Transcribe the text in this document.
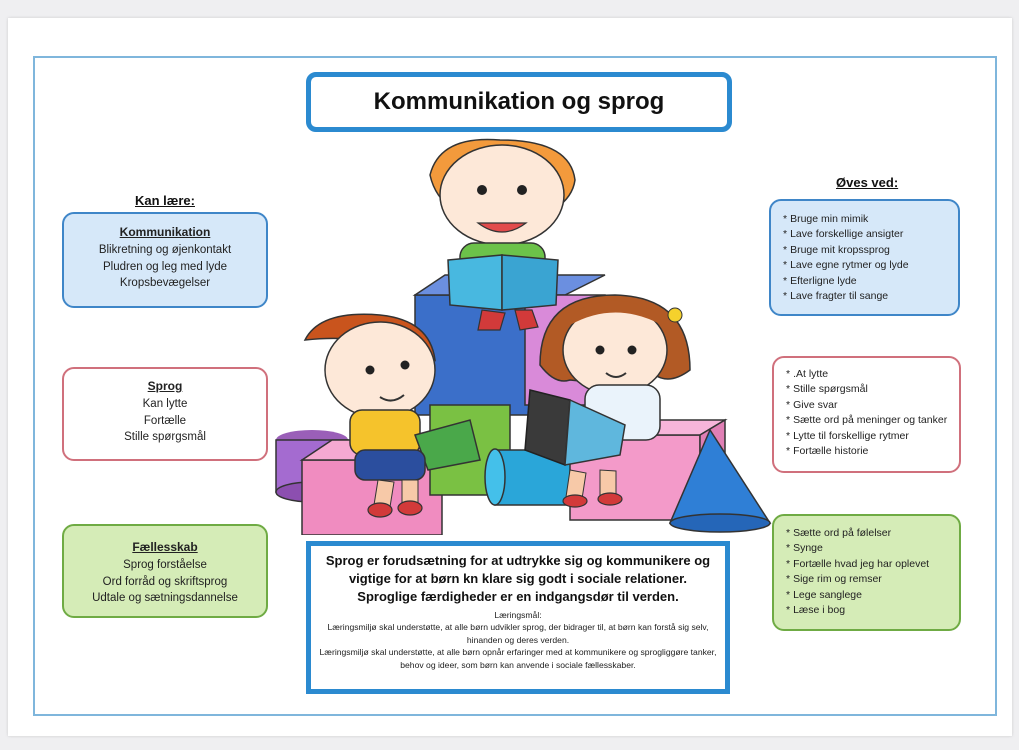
Kommunikation og sprog
Kan lære:
Øves ved:
Kommunikation
Blikretning og øjenkontakt
Pludren og leg med lyde
Kropsbevægelser
Sprog
Kan lytte
Fortælle
Stille spørgsmål
Fællesskab
Sprog forståelse
Ord forråd og skriftsprog
Udtale og sætningsdannelse
* Bruge min mimik
* Lave forskellige ansigter
* Bruge mit kropssprog
* Lave egne rytmer og lyde
* Efterligne lyde
* Lave fragter til sange
* .At lytte
* Stille spørgsmål
* Give svar
* Sætte ord på meninger og tanker
* Lytte til forskellige rytmer
* Fortælle historie
* Sætte ord på følelser
* Synge
* Fortælle hvad jeg har oplevet
* Sige rim og remser
* Lege sanglege
* Læse i bog
Sprog er forudsætning for at udtrykke sig og kommunikere og vigtige for at børn kn klare sig godt i sociale relationer. Sproglige færdigheder er en indgangsdør til verden.

Læringsmål:

Læringsmiljø skal understøtte, at alle børn udvikler sprog, der bidrager til, at børn kan forstå sig selv, hinanden og deres verden.

Læringsmiljø skal understøtte, at alle børn opnår erfaringer med at kommunikere og sprogliggøre tanker, behov og ideer, som børn kan anvende i sociale fællesskaber.
